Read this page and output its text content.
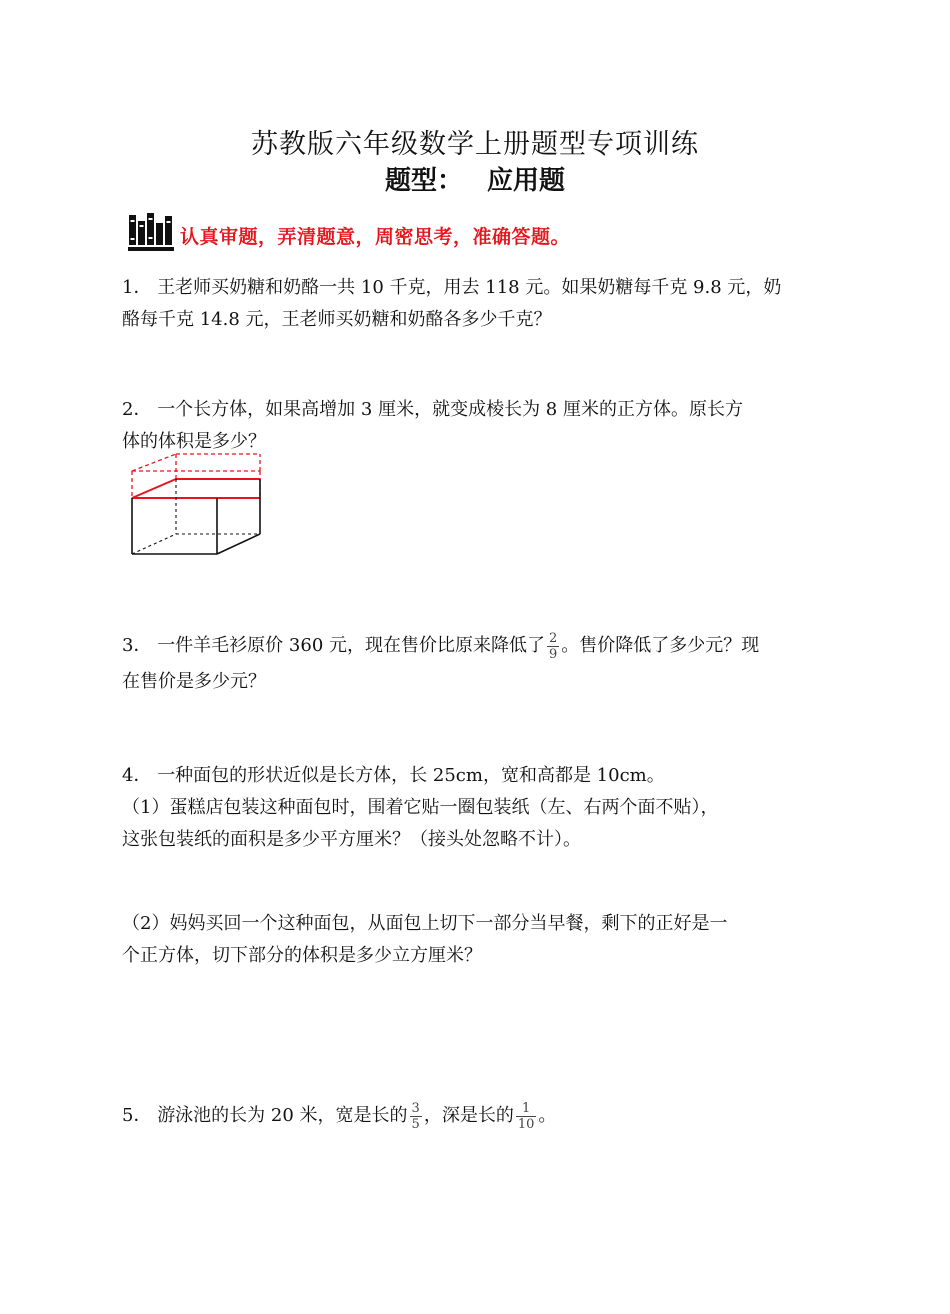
苏教版六年级数学上册题型专项训练
题型： 应用题
认真审题，弄清题意，周密思考，准确答题。
1． 王老师买奶糖和奶酪一共 10 千克，用去 118 元。如果奶糖每千克 9.8 元，奶
酪每千克 14.8 元，王老师买奶糖和奶酪各多少千克？
2． 一个长方体，如果高增加 3 厘米，就变成棱长为 8 厘米的正方体。原长方
体的体积是多少？
3． 一件羊毛衫原价 360 元，现在售价比原来降低了 $\frac{2}{9}$ 。售价降低了多少元？现
在售价是多少元？
4． 一种面包的形状近似是长方体，长 25cm，宽和高都是 10cm。
（1）蛋糕店包装这种面包时，围着它贴一圈包装纸（左、右两个面不贴），
这张包装纸的面积是多少平方厘米？（接头处忽略不计）。
（2）妈妈买回一个这种面包，从面包上切下一部分当早餐，剩下的正好是一
个正方体，切下部分的体积是多少立方厘米？
5． 游泳池的长为 20 米，宽是长的 $\frac{3}{5}$ ，深是长的 $\frac{1}{10}$ 。
